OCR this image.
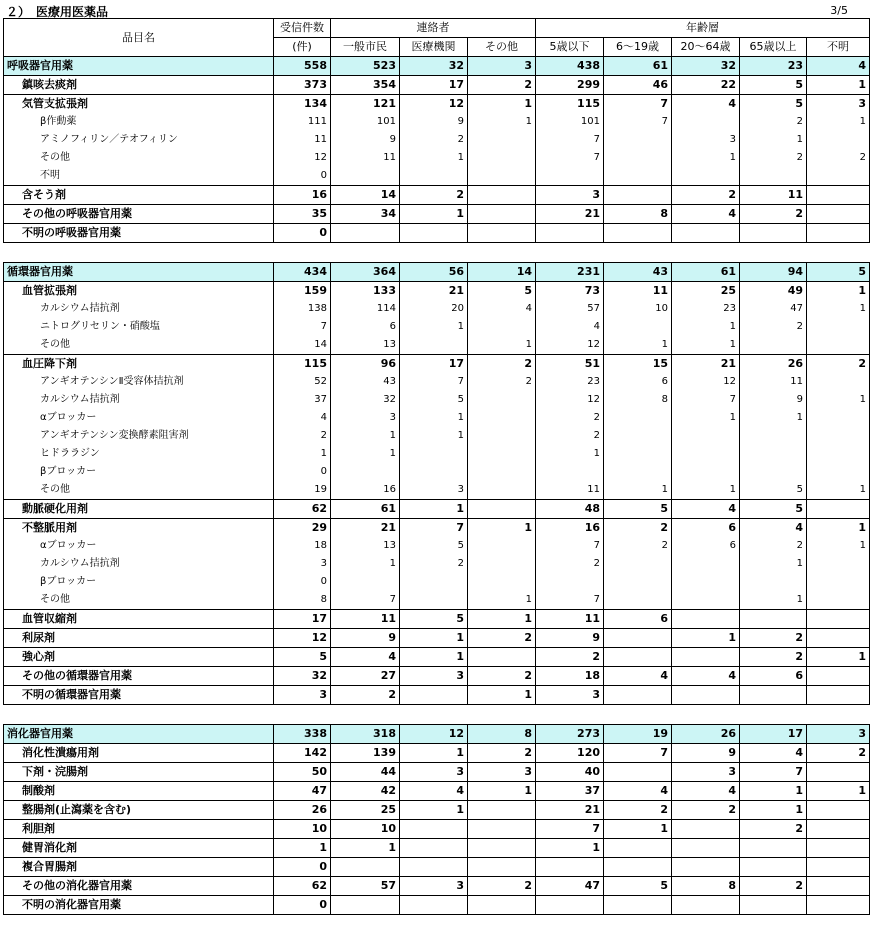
２）　医療用医薬品	3/5
品目名	受信件数	連絡者			年齢層				
	(件)	一般市民	医療機関	その他	5歳以下	6～19歳	20～64歳	65歳以上	不明
呼吸器官用薬	558	523	32	3	438	61	32	23	4
鎮咳去痰剤	373	354	17	2	299	46	22	5	1
気管支拡張剤	134	121	12	1	115	7	4	5	3
β作動薬	111	101	9	1	101	7		2	1
アミノフィリン／テオフィリン	11	9	2		7		3	1	
その他	12	11	1		7		1	2	2
不明	0								
含そう剤	16	14	2		3		2	11	
その他の呼吸器官用薬	35	34	1		21	8	4	2	
不明の呼吸器官用薬	0								

循環器官用薬	434	364	56	14	231	43	61	94	5
血管拡張剤	159	133	21	5	73	11	25	49	1
カルシウム拮抗剤	138	114	20	4	57	10	23	47	1
ニトログリセリン・硝酸塩	7	6	1		4		1	2	
その他	14	13		1	12	1	1		
血圧降下剤	115	96	17	2	51	15	21	26	2
アンギオテンシンⅡ受容体拮抗剤	52	43	7	2	23	6	12	11	
カルシウム拮抗剤	37	32	5		12	8	7	9	1
αブロッカー	4	3	1		2		1	1	
アンギオテンシン変換酵素阻害剤	2	1	1		2				
ヒドララジン	1	1			1				
βブロッカー	0								
その他	19	16	3		11	1	1	5	1
動脈硬化用剤	62	61	1		48	5	4	5	
不整脈用剤	29	21	7	1	16	2	6	4	1
αブロッカー	18	13	5		7	2	6	2	1
カルシウム拮抗剤	3	1	2		2			1	
βブロッカー	0								
その他	8	7		1	7			1	
血管収縮剤	17	11	5	1	11	6			
利尿剤	12	9	1	2	9		1	2	
強心剤	5	4	1		2			2	1
その他の循環器官用薬	32	27	3	2	18	4	4	6	
不明の循環器官用薬	3	2		1	3				

消化器官用薬	338	318	12	8	273	19	26	17	3
消化性潰瘍用剤	142	139	1	2	120	7	9	4	2
下剤・浣腸剤	50	44	3	3	40		3	7	
制酸剤	47	42	4	1	37	4	4	1	1
整腸剤(止瀉薬を含む)	26	25	1		21	2	2	1	
利胆剤	10	10			7	1		2	
健胃消化剤	1	1			1				
複合胃腸剤	0								
その他の消化器官用薬	62	57	3	2	47	5	8	2	
不明の消化器官用薬	0								
